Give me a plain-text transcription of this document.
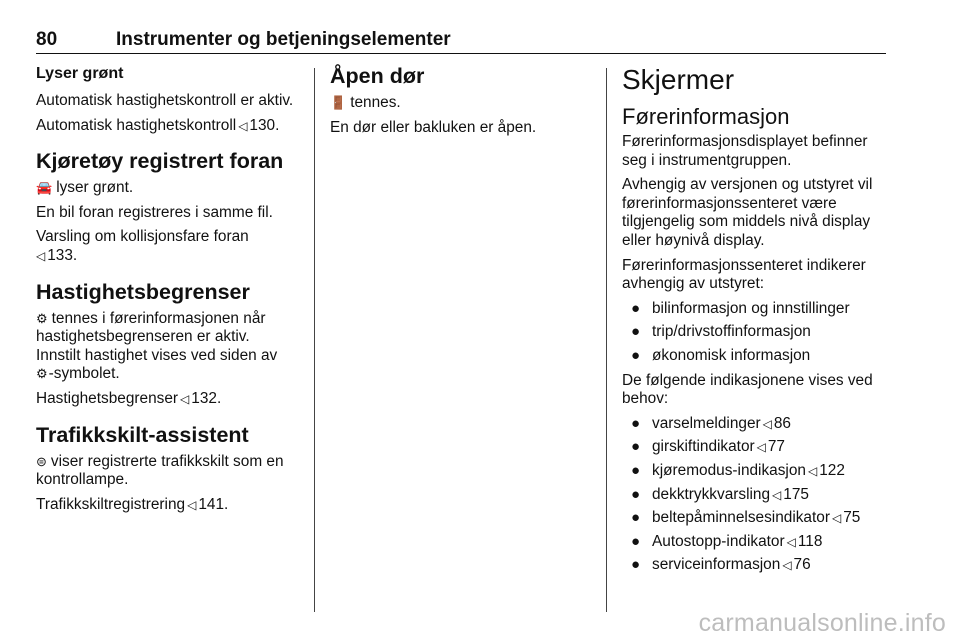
80	Instrumenter og betjeningselementer
Lyser grønt

Automatisk hastighetskontroll er aktiv.

Automatisk hastighetskontroll ◁ 130.

Kjøretøy registrert foran

🚘 lyser grønt.

En bil foran registreres i samme fil.

Varsling om kollisjonsfare foran
◁ 133.

Hastighetsbegrenser

⚙ tennes i førerinformasjonen når hastighetsbegrenseren er aktiv.

Innstilt hastighet vises ved siden av
⚙-symbolet.

Hastighetsbegrenser ◁ 132.

Trafikkskilt-assistent

⊜ viser registrerte trafikkskilt som en kontrollampe.

Trafikkskiltregistrering ◁ 141.

Åpen dør

🚪 tennes.

En dør eller bakluken er åpen.

Skjermer
Førerinformasjon

Førerinformasjonsdisplayet befinner seg i instrumentgruppen.

Avhengig av versjonen og utstyret vil førerinformasjonssenteret være tilgjengelig som middels nivå display eller høynivå display.

Førerinformasjonssenteret indikerer avhengig av utstyret:

● bilinformasjon og innstillinger
● trip/drivstoffinformasjon
● økonomisk informasjon

De følgende indikasjonene vises ved behov:

● varselmeldinger ◁ 86
● girskiftindikator ◁ 77
● kjøremodus-indikasjon ◁ 122
● dekktrykkvarsling ◁ 175
● beltepåminnelsesindikator ◁ 75
● Autostopp-indikator ◁ 118
● serviceinformasjon ◁ 76
carmanualsonline.info
